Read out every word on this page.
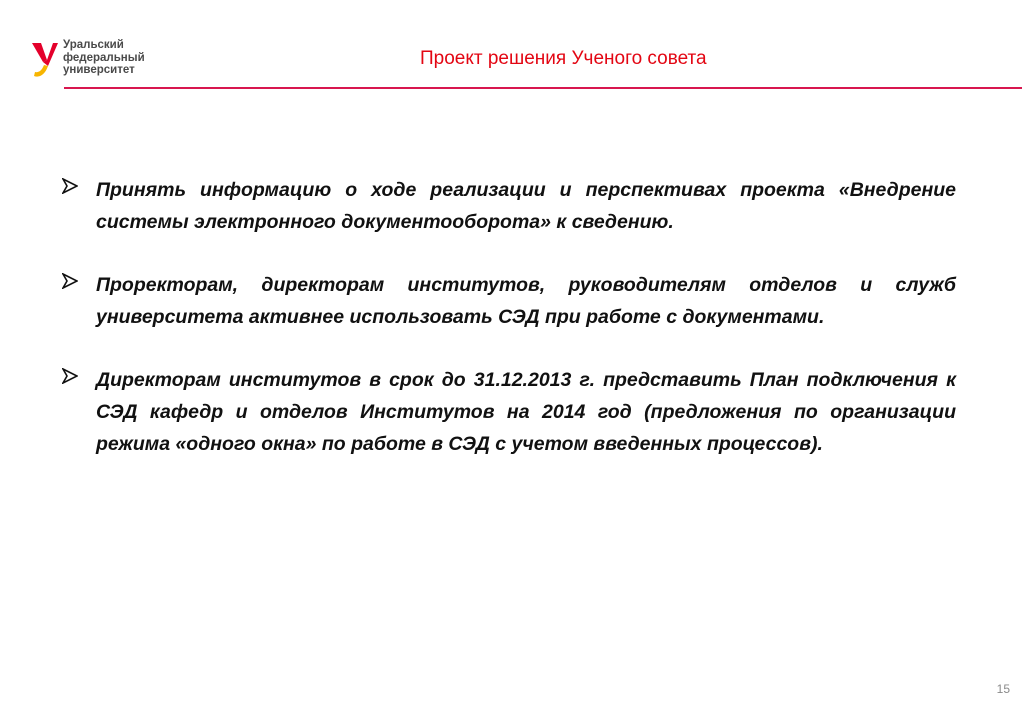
Уральский
федеральный
университет
Проект решения Ученого совета
Принять информацию о ходе реализации и перспективах проекта «Внедрение системы электронного документооборота» к сведению.
Проректорам, директорам институтов, руководителям отделов и служб университета активнее использовать СЭД при работе с документами.
Директорам институтов в срок до 31.12.2013 г. представить План подключения к СЭД кафедр и отделов Институтов на 2014 год (предложения по организации режима «одного окна» по работе в СЭД с учетом введенных процессов).
15
